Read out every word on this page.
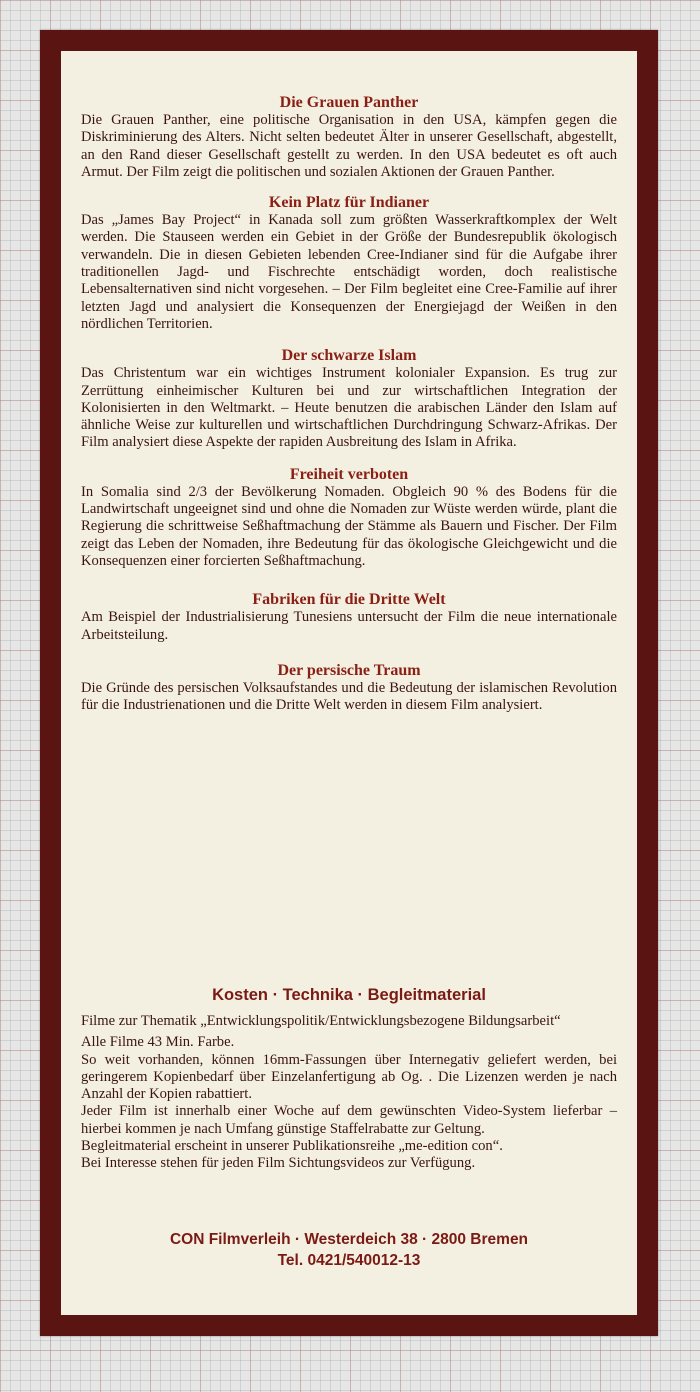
Die Grauen Panther

Die Grauen Panther, eine politische Organisation in den USA, kämpfen gegen die Diskriminierung des Alters. Nicht selten bedeutet Älter in unserer Gesellschaft, abgestellt, an den Rand dieser Gesellschaft gestellt zu werden. In den USA bedeutet es oft auch Armut. Der Film zeigt die politischen und sozialen Aktionen der Grauen Panther.

Kein Platz für Indianer

Das „James Bay Project“ in Kanada soll zum größten Wasserkraftkomplex der Welt werden. Die Stauseen werden ein Gebiet in der Größe der Bundesrepublik ökologisch verwandeln. Die in diesen Gebieten lebenden Cree-Indianer sind für die Aufgabe ihrer traditionellen Jagd- und Fischrechte entschädigt worden, doch realistische Lebensalternativen sind nicht vorgesehen. – Der Film begleitet eine Cree-Familie auf ihrer letzten Jagd und analysiert die Konsequenzen der Energiejagd der Weißen in den nördlichen Territorien.

Der schwarze Islam

Das Christentum war ein wichtiges Instrument kolonialer Expansion. Es trug zur Zerrüttung einheimischer Kulturen bei und zur wirtschaftlichen Integration der Kolonisierten in den Weltmarkt. – Heute benutzen die arabischen Länder den Islam auf ähnliche Weise zur kulturellen und wirtschaftlichen Durchdringung Schwarz-Afrikas. Der Film analysiert diese Aspekte der rapiden Ausbreitung des Islam in Afrika.

Freiheit verboten

In Somalia sind 2/3 der Bevölkerung Nomaden. Obgleich 90 % des Bodens für die Landwirtschaft ungeeignet sind und ohne die Nomaden zur Wüste werden würde, plant die Regierung die schrittweise Seßhaftmachung der Stämme als Bauern und Fischer. Der Film zeigt das Leben der Nomaden, ihre Bedeutung für das ökologische Gleichgewicht und die Konsequenzen einer forcierten Seßhaftmachung.

Fabriken für die Dritte Welt

Am Beispiel der Industrialisierung Tunesiens untersucht der Film die neue internationale Arbeitsteilung.

Der persische Traum

Die Gründe des persischen Volksaufstandes und die Bedeutung der islamischen Revolution für die Industrienationen und die Dritte Welt werden in diesem Film analysiert.

Kosten · Technika · Begleitmaterial

Filme zur Thematik „Entwicklungspolitik/Entwicklungsbezogene Bildungsarbeit“

Alle Filme 43 Min. Farbe.

So weit vorhanden, können 16mm-Fassungen über Internegativ geliefert werden, bei geringerem Kopienbedarf über Einzelanfertigung ab Og. . Die Lizenzen werden je nach Anzahl der Kopien rabattiert.

Jeder Film ist innerhalb einer Woche auf dem gewünschten Video-System lieferbar – hierbei kommen je nach Umfang günstige Staffelrabatte zur Geltung.

Begleitmaterial erscheint in unserer Publikationsreihe „me-edition con“.

Bei Interesse stehen für jeden Film Sichtungsvideos zur Verfügung.

CON Filmverleih · Westerdeich 38 · 2800 Bremen
Tel. 0421/540012-13
